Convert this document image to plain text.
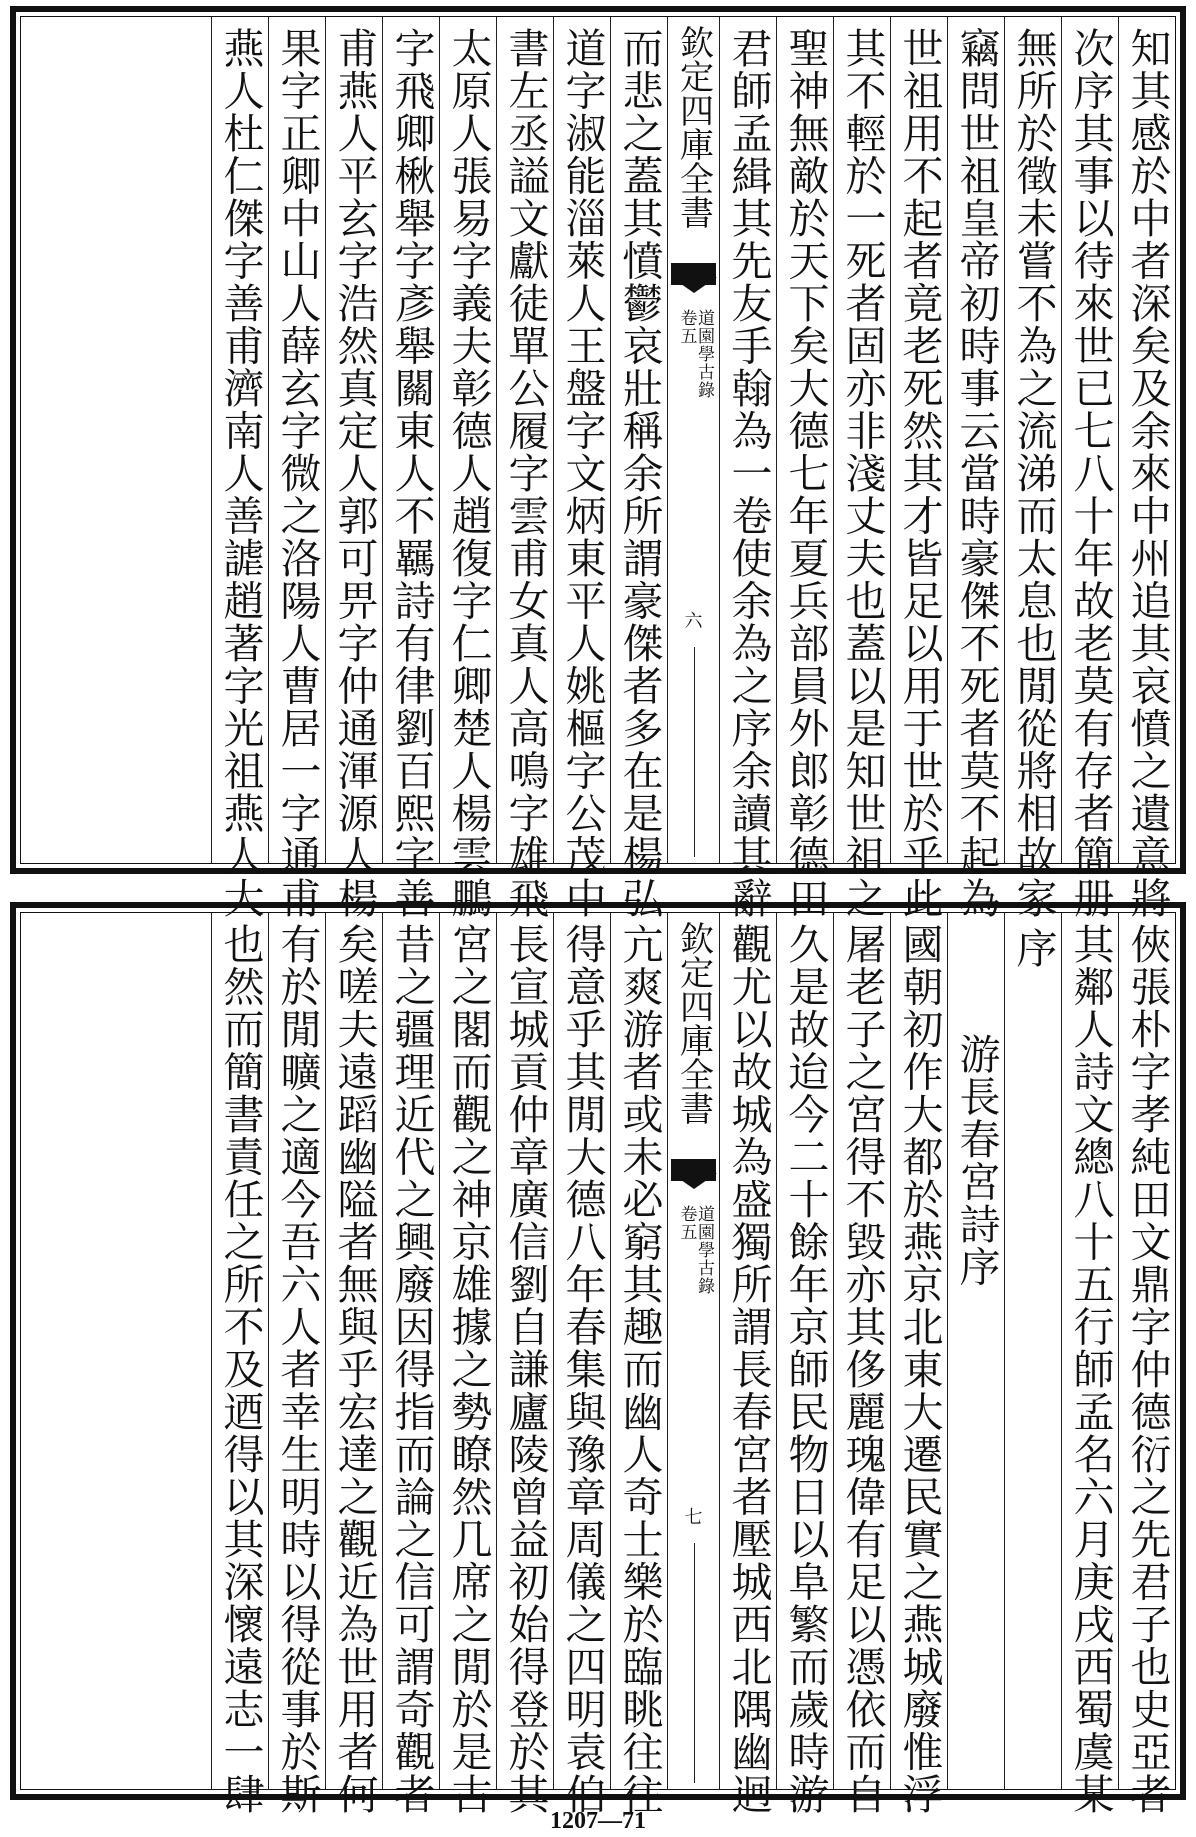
知其感於中者深矣及余來中州追其哀憤之遺意將
次序其事以待來世已七八十年故老莫有存者簡册
無所於徵未嘗不為之流涕而太息也閒從將相故家
竊問世祖皇帝初時事云當時豪傑不死者莫不起為
世祖用不起者竟老死然其才皆足以用于世於乎此
其不輕於一死者固亦非淺丈夫也蓋以是知世祖之
聖神無敵於天下矣大德七年夏兵部員外郎彰德田
君師孟緝其先友手翰為一卷使余為之序余讀其辭
欽定四庫全書
道園學古錄
卷五
六
而悲之蓋其憤鬱哀壯稱余所謂豪傑者多在是楊弘
道字淑能淄萊人王盤字文炳東平人姚樞字公茂中
書左丞謚文獻徒單公履字雲甫女真人高鳴字雄飛
太原人張易字義夫彰德人趙復字仁卿楚人楊雲鵬
字飛卿楸舉字彥舉關東人不羈詩有律劉百熙字善
甫燕人平玄字浩然真定人郭可畀字仲通渾源人楊
果字正卿中山人薛玄字微之洛陽人曹居一字通甫
燕人杜仁傑字善甫濟南人善謔趙著字光祖燕人大
俠張朴字孝純田文鼎字仲德衍之先君子也史亞者
其鄰人詩文總八十五行師孟名六月庚戌西蜀虞某
序
游長春宮詩序
國朝初作大都於燕京北東大遷民實之燕城廢惟浮
屠老子之宮得不毀亦其侈麗瑰偉有足以憑依而自
久是故迨今二十餘年京師民物日以阜繁而歲時游
觀尤以故城為盛獨所謂長春宮者壓城西北隅幽迥
欽定四庫全書
道園學古錄
卷五
七
亢爽游者或未必窮其趣而幽人奇士樂於臨眺往往
得意乎其閒大德八年春集與豫章周儀之四明袁伯
長宣城貢仲章廣信劉自謙廬陵曾益初始得登於其
宮之閣而觀之神京雄據之勢瞭然几席之閒於是古
昔之疆理近代之興廢因得指而論之信可謂奇觀者
矣嗟夫遠蹈幽隘者無與乎宏達之觀近為世用者何
有於閒曠之適今吾六人者幸生明時以得從事於斯
也然而簡書責任之所不及迺得以其深懷遠志一肆
1207—71
